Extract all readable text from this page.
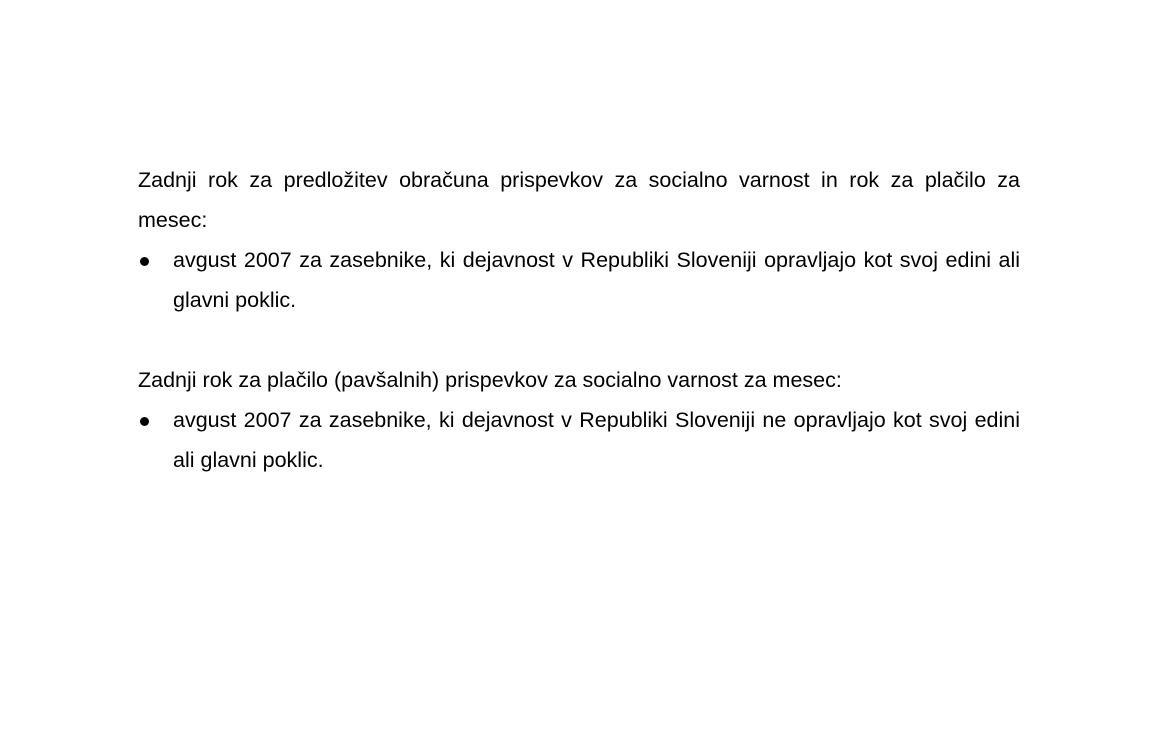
Zadnji rok za predložitev obračuna prispevkov za socialno varnost in rok za plačilo za mesec:

avgust 2007 za zasebnike, ki dejavnost v Republiki Sloveniji opravljajo kot svoj edini ali glavni poklic.

Zadnji rok za plačilo (pavšalnih) prispevkov za socialno varnost za mesec:

avgust 2007 za zasebnike, ki dejavnost v Republiki Sloveniji ne opravljajo kot svoj edini ali glavni poklic.
